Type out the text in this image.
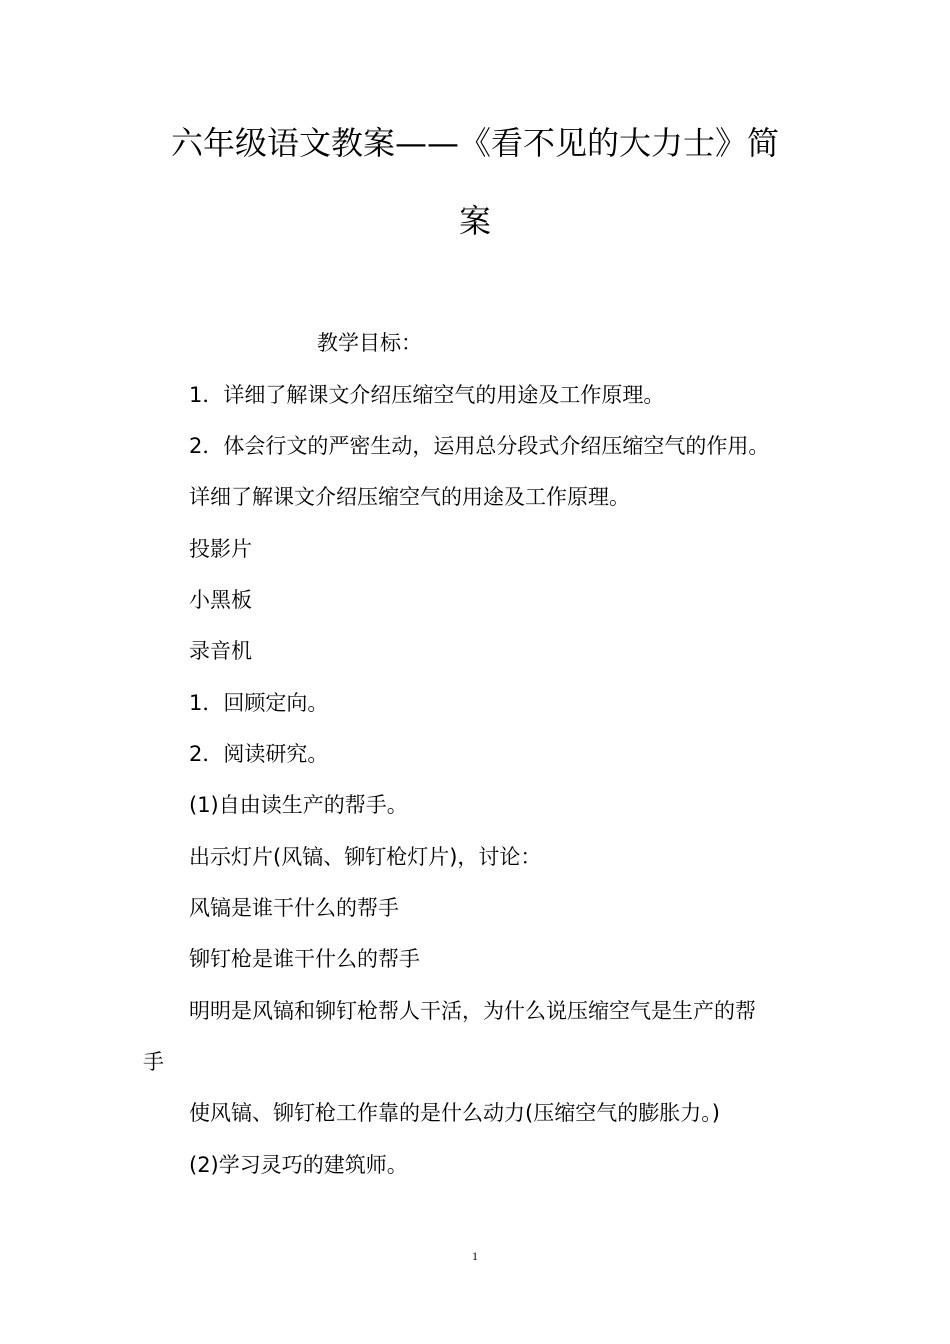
六年级语文教案——《看不见的大力士》简
案
教学目标：
1．详细了解课文介绍压缩空气的用途及工作原理。
2．体会行文的严密生动，运用总分段式介绍压缩空气的作用。
详细了解课文介绍压缩空气的用途及工作原理。
投影片
小黑板
录音机
1．回顾定向。
2．阅读研究。
(1)自由读生产的帮手。
出示灯片(风镐、铆钉枪灯片)，讨论：
风镐是谁干什么的帮手
铆钉枪是谁干什么的帮手
明明是风镐和铆钉枪帮人干活，为什么说压缩空气是生产的帮
手
使风镐、铆钉枪工作靠的是什么动力(压缩空气的膨胀力。)
(2)学习灵巧的建筑师。
1
